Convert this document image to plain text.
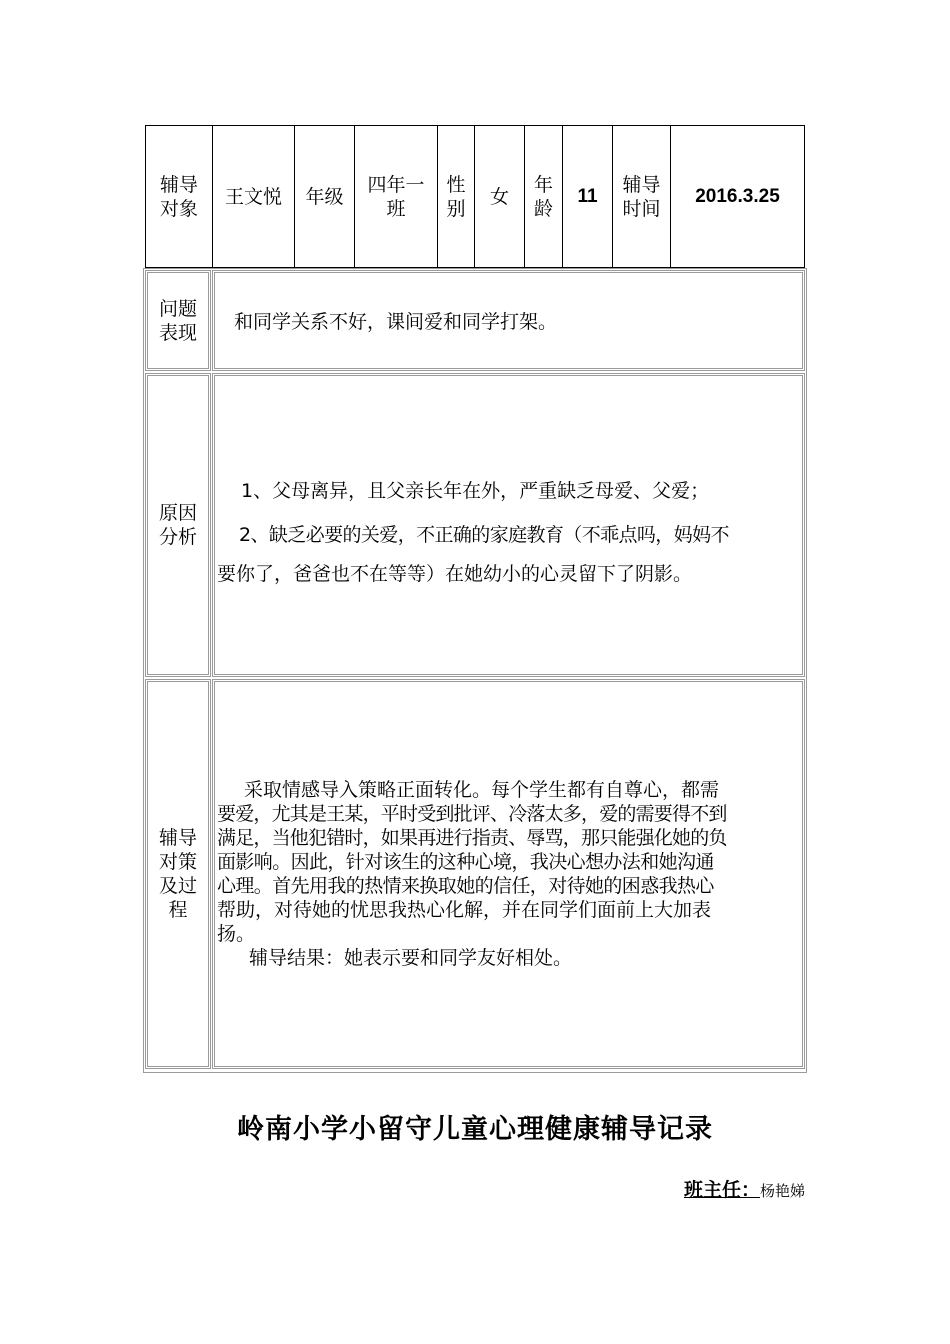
辅导对象
王文悦 年级
四年一班
性别
女
年龄
11
辅导时间
2016.3.25
问题表现 和同学关系不好，课间爱和同学打架。

原因分析

1、父母离异，且父亲长年在外，严重缺乏母爱、父爱；

2、缺乏必要的关爱，不正确的家庭教育（不乖点吗，妈妈不

要你了，爸爸也不在等等）在她幼小的心灵留下了阴影。

辅导对策及过程

采取情感导入策略正面转化。每个学生都有自尊心，都需

要爱，尤其是王某，平时受到批评、冷落太多，爱的需要得不到

满足，当他犯错时，如果再进行指责、辱骂，那只能强化她的负

面影响。因此，针对该生的这种心境，我决心想办法和她沟通

心理。首先用我的热情来换取她的信任，对待她的困惑我热心

帮助，对待她的忧思我热心化解，并在同学们面前上大加表

扬。

辅导结果：她表示要和同学友好相处。

岭南小学小留守儿童心理健康辅导记录
班主任：杨艳娣
